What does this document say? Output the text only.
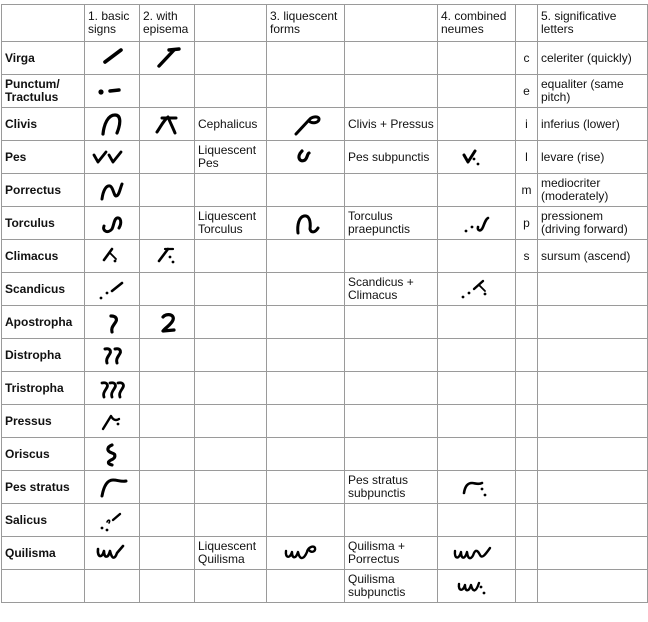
	1. basic signs	2. with episema		3. liquescent forms		4. combined neumes		5. significative letters
Virga							c	celeriter (quickly)
Punctum/ Tractulus							e	equaliter (same pitch)
Clivis			Cephalicus		Clivis + Pressus		i	inferius (lower)
Pes			Liquescent Pes		Pes subpunctis		l	levare (rise)
Porrectus							m	mediocriter (moderately)
Torculus			Liquescent Torculus		Torculus praepunctis		p	pressionem (driving forward)
Climacus							s	sursum (ascend)
Scandicus					Scandicus + Climacus	

Apostropha	

Distropha	

Tristropha	

Pressus	

Oriscus	

Pes stratus					Pes stratus subpunctis	

Salicus	

Quilisma			Liquescent Quilisma		Quilisma + Porrectus	

					Quilisma subpunctis	
